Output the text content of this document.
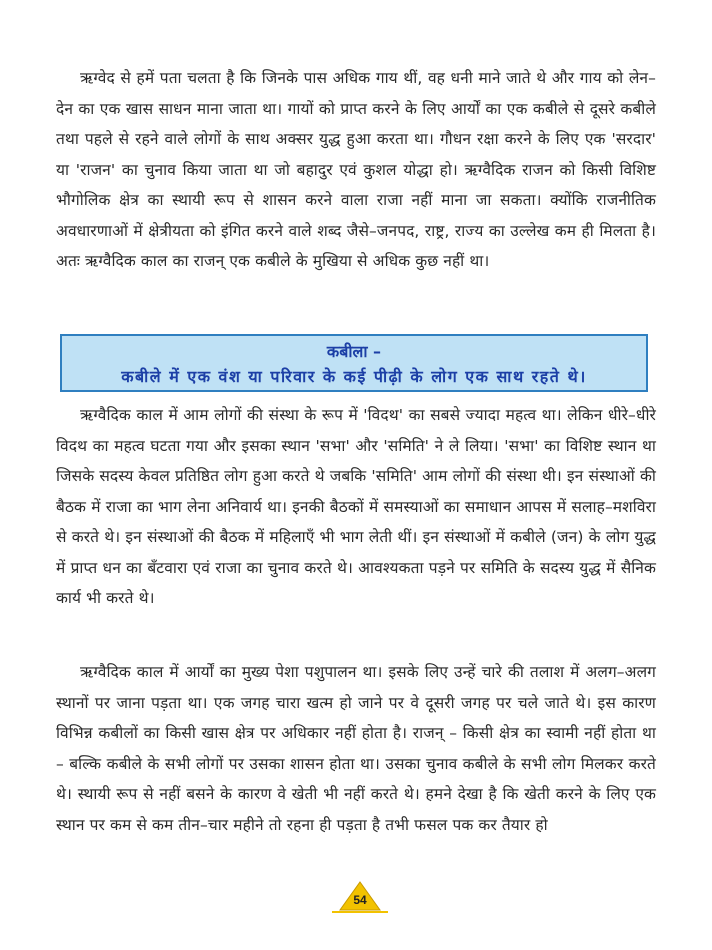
ऋग्वेद से हमें पता चलता है कि जिनके पास अधिक गाय थीं, वह धनी माने जाते थे और गाय को लेन–देन का एक खास साधन माना जाता था। गायों को प्राप्त करने के लिए आर्यों का एक कबीले से दूसरे कबीले तथा पहले से रहने वाले लोगों के साथ अक्सर युद्ध हुआ करता था। गौधन रक्षा करने के लिए एक 'सरदार' या 'राजन' का चुनाव किया जाता था जो बहादुर एवं कुशल योद्धा हो। ऋग्वैदिक राजन को किसी विशिष्ट भौगोलिक क्षेत्र का स्थायी रूप से शासन करने वाला राजा नहीं माना जा सकता। क्योंकि राजनीतिक अवधारणाओं में क्षेत्रीयता को इंगित करने वाले शब्द जैसे–जनपद, राष्ट्र, राज्य का उल्लेख कम ही मिलता है। अतः ऋग्वैदिक काल का राजन् एक कबीले के मुखिया से अधिक कुछ नहीं था।

कबीला –
कबीले में एक वंश या परिवार के कई पीढ़ी के लोग एक साथ रहते थे।

ऋग्वैदिक काल में आम लोगों की संस्था के रूप में 'विदथ' का सबसे ज्यादा महत्व था। लेकिन धीरे–धीरे विदथ का महत्व घटता गया और इसका स्थान 'सभा' और 'समिति' ने ले लिया। 'सभा' का विशिष्ट स्थान था जिसके सदस्य केवल प्रतिष्ठित लोग हुआ करते थे जबकि 'समिति' आम लोगों की संस्था थी। इन संस्थाओं की बैठक में राजा का भाग लेना अनिवार्य था। इनकी बैठकों में समस्याओं का समाधान आपस में सलाह–मशविरा से करते थे। इन संस्थाओं की बैठक में महिलाएँ भी भाग लेती थीं। इन संस्थाओं में कबीले (जन) के लोग युद्ध में प्राप्त धन का बँटवारा एवं राजा का चुनाव करते थे। आवश्यकता पड़ने पर समिति के सदस्य युद्ध में सैनिक कार्य भी करते थे।

ऋग्वैदिक काल में आर्यों का मुख्य पेशा पशुपालन था। इसके लिए उन्हें चारे की तलाश में अलग–अलग स्थानों पर जाना पड़ता था। एक जगह चारा खत्म हो जाने पर वे दूसरी जगह पर चले जाते थे। इस कारण विभिन्न कबीलों का किसी खास क्षेत्र पर अधिकार नहीं होता है। राजन् – किसी क्षेत्र का स्वामी नहीं होता था – बल्कि कबीले के सभी लोगों पर उसका शासन होता था। उसका चुनाव कबीले के सभी लोग मिलकर करते थे। स्थायी रूप से नहीं बसने के कारण वे खेती भी नहीं करते थे। हमने देखा है कि खेती करने के लिए एक स्थान पर कम से कम तीन–चार महीने तो रहना ही पड़ता है तभी फसल पक कर तैयार हो

54
